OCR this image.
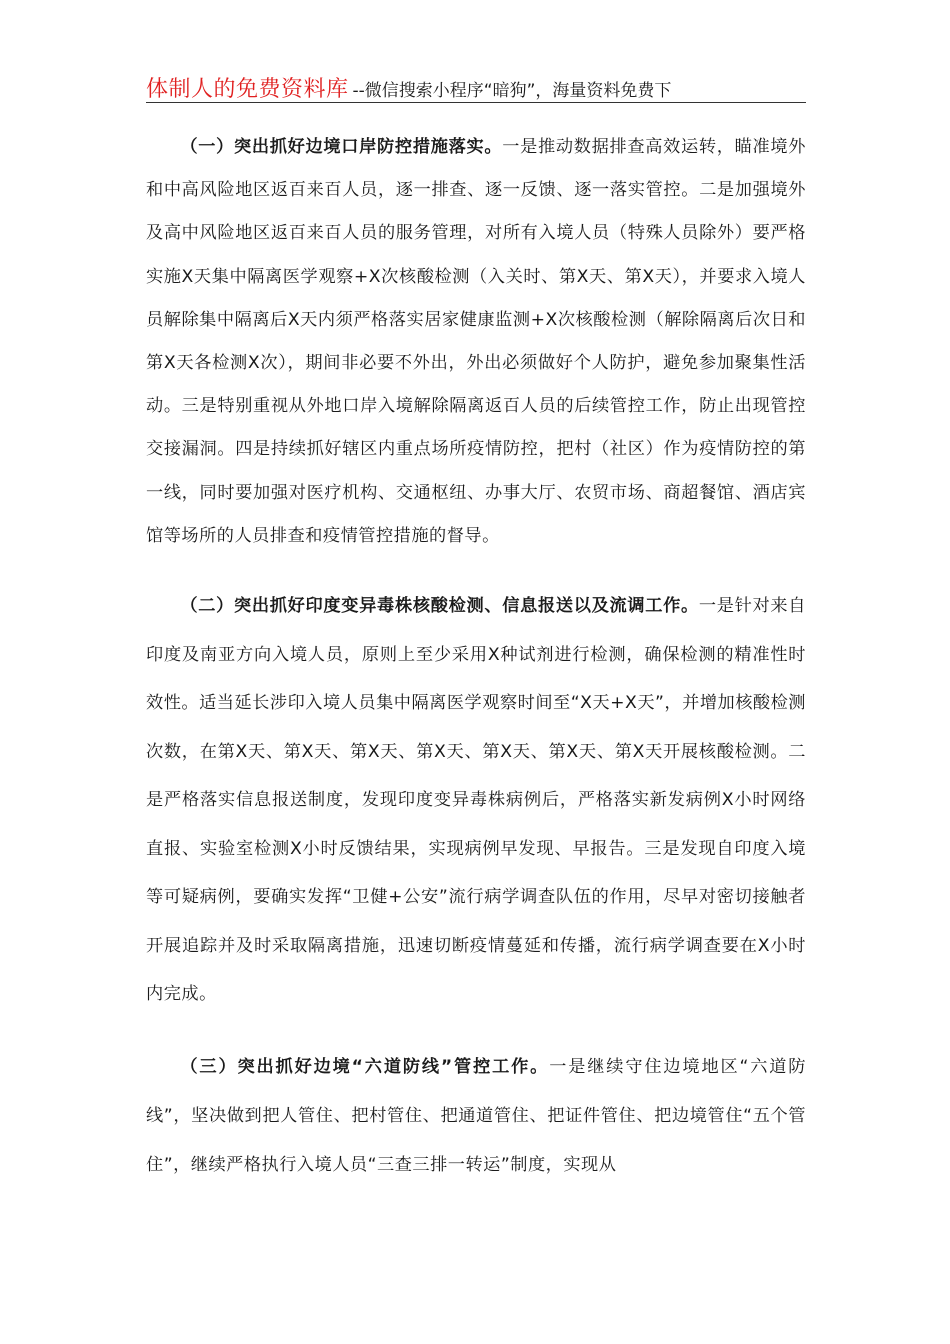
体制人的免费资料库 --微信搜索小程序“暗狗”，海量资料免费下

（一）突出抓好边境口岸防控措施落实。一是推动数据排查高效运转，瞄准境外和中高风险地区返百来百人员，逐一排查、逐一反馈、逐一落实管控。二是加强境外及高中风险地区返百来百人员的服务管理，对所有入境人员（特殊人员除外）要严格实施X天集中隔离医学观察+X次核酸检测（入关时、第X天、第X天），并要求入境人员解除集中隔离后X天内须严格落实居家健康监测+X次核酸检测（解除隔离后次日和第X天各检测X次），期间非必要不外出，外出必须做好个人防护，避免参加聚集性活动。三是特别重视从外地口岸入境解除隔离返百人员的后续管控工作，防止出现管控交接漏洞。四是持续抓好辖区内重点场所疫情防控，把村（社区）作为疫情防控的第一线，同时要加强对医疗机构、交通枢纽、办事大厅、农贸市场、商超餐馆、酒店宾馆等场所的人员排查和疫情管控措施的督导。

（二）突出抓好印度变异毒株核酸检测、信息报送以及流调工作。一是针对来自印度及南亚方向入境人员，原则上至少采用X种试剂进行检测，确保检测的精准性时效性。适当延长涉印入境人员集中隔离医学观察时间至“X天+X天”，并增加核酸检测次数，在第X天、第X天、第X天、第X天、第X天、第X天、第X天开展核酸检测。二是严格落实信息报送制度，发现印度变异毒株病例后，严格落实新发病例X小时网络直报、实验室检测X小时反馈结果，实现病例早发现、早报告。三是发现自印度入境等可疑病例，要确实发挥“卫健+公安”流行病学调查队伍的作用，尽早对密切接触者开展追踪并及时采取隔离措施，迅速切断疫情蔓延和传播，流行病学调查要在X小时内完成。

（三）突出抓好边境“六道防线”管控工作。一是继续守住边境地区“六道防线”，坚决做到把人管住、把村管住、把通道管住、把证件管住、把边境管住“五个管住”，继续严格执行入境人员“三查三排一转运”制度，实现从
